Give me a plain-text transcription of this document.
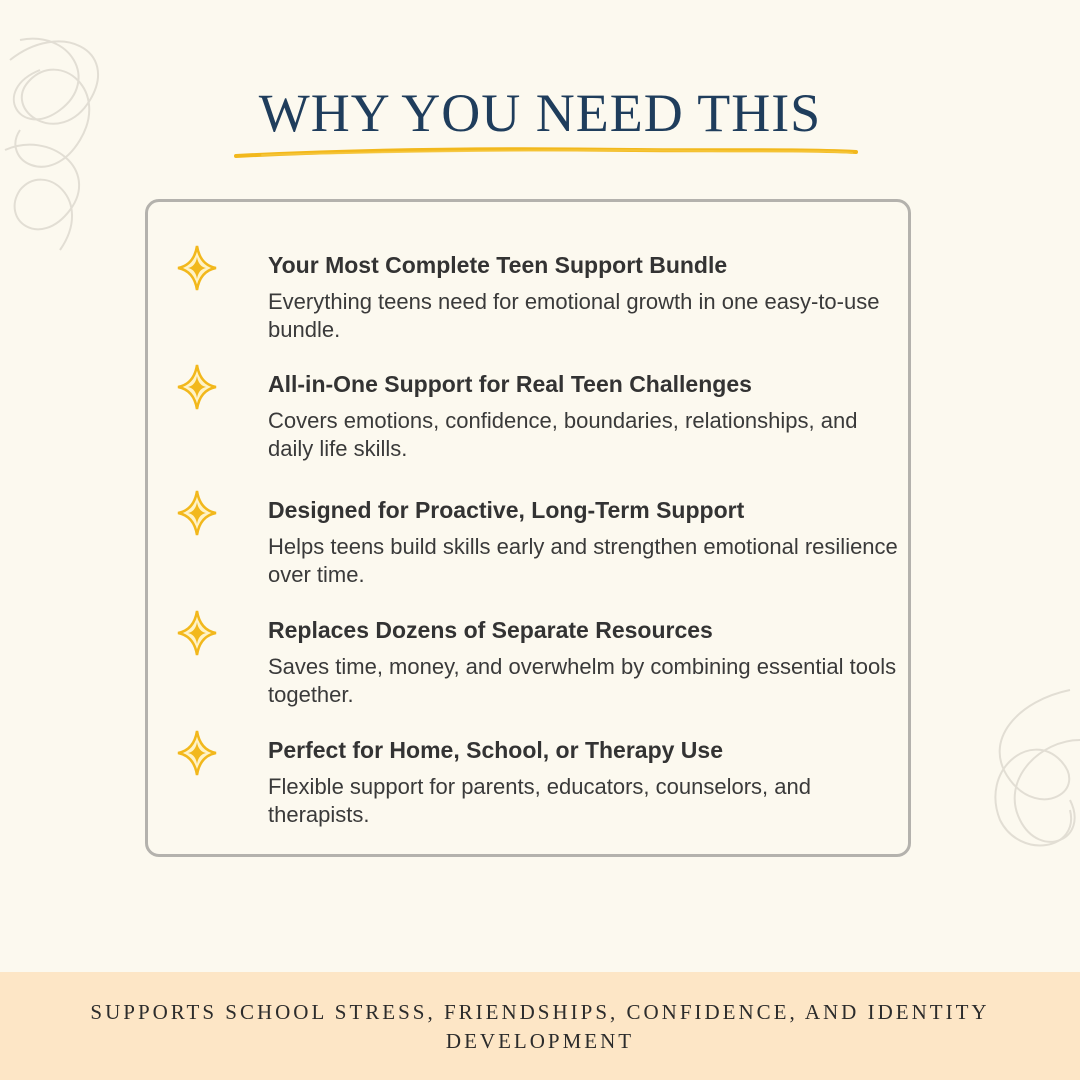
WHY YOU NEED THIS
Your Most Complete Teen Support Bundle
Everything teens need for emotional growth in one easy-to-use bundle.
All-in-One Support for Real Teen Challenges
Covers emotions, confidence, boundaries, relationships, and daily life skills.
Designed for Proactive, Long-Term Support
Helps teens build skills early and strengthen emotional resilience over time.
Replaces Dozens of Separate Resources
Saves time, money, and overwhelm by combining essential tools together.
Perfect for Home, School, or Therapy Use
Flexible support for parents, educators, counselors, and therapists.
SUPPORTS SCHOOL STRESS, FRIENDSHIPS, CONFIDENCE, AND IDENTITY DEVELOPMENT
